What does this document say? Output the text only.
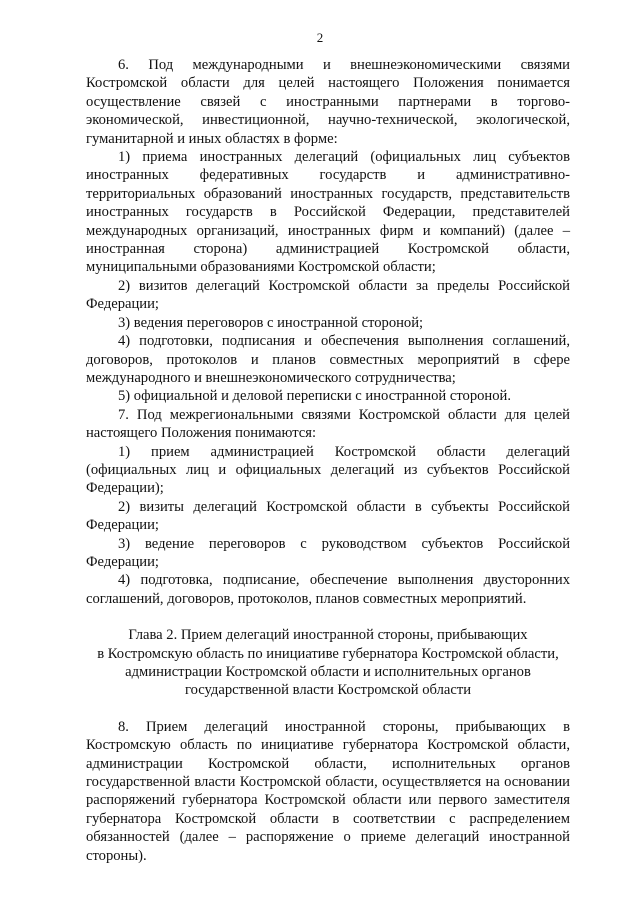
2

6. Под международными и внешнеэкономическими связями Костромской области для целей настоящего Положения понимается осуществление связей с иностранными партнерами в торгово-экономической, инвестиционной, научно-технической, экологической, гуманитарной и иных областях в форме:

1) приема иностранных делегаций (официальных лиц субъектов иностранных федеративных государств и административно-территориальных образований иностранных государств, представительств иностранных государств в Российской Федерации, представителей международных организаций, иностранных фирм и компаний) (далее – иностранная сторона) администрацией Костромской области, муниципальными образованиями Костромской области;

2) визитов делегаций Костромской области за пределы Российской Федерации;

3) ведения переговоров с иностранной стороной;

4) подготовки, подписания и обеспечения выполнения соглашений, договоров, протоколов и планов совместных мероприятий в сфере международного и внешнеэкономического сотрудничества;

5) официальной и деловой переписки с иностранной стороной.

7. Под межрегиональными связями Костромской области для целей настоящего Положения понимаются:

1) прием администрацией Костромской области делегаций (официальных лиц и официальных делегаций из субъектов Российской Федерации);

2) визиты делегаций Костромской области в субъекты Российской Федерации;

3) ведение переговоров с руководством субъектов Российской Федерации;

4) подготовка, подписание, обеспечение выполнения двусторонних соглашений, договоров, протоколов, планов совместных мероприятий.

Глава 2. Прием делегаций иностранной стороны, прибывающих
в Костромскую область по инициативе губернатора Костромской области,
администрации Костромской области и исполнительных органов
государственной власти Костромской области

8. Прием делегаций иностранной стороны, прибывающих в Костромскую область по инициативе губернатора Костромской области, администрации Костромской области, исполнительных органов государственной власти Костромской области, осуществляется на основании распоряжений губернатора Костромской области или первого заместителя губернатора Костромской области в соответствии с распределением обязанностей (далее – распоряжение о приеме делегаций иностранной стороны).
